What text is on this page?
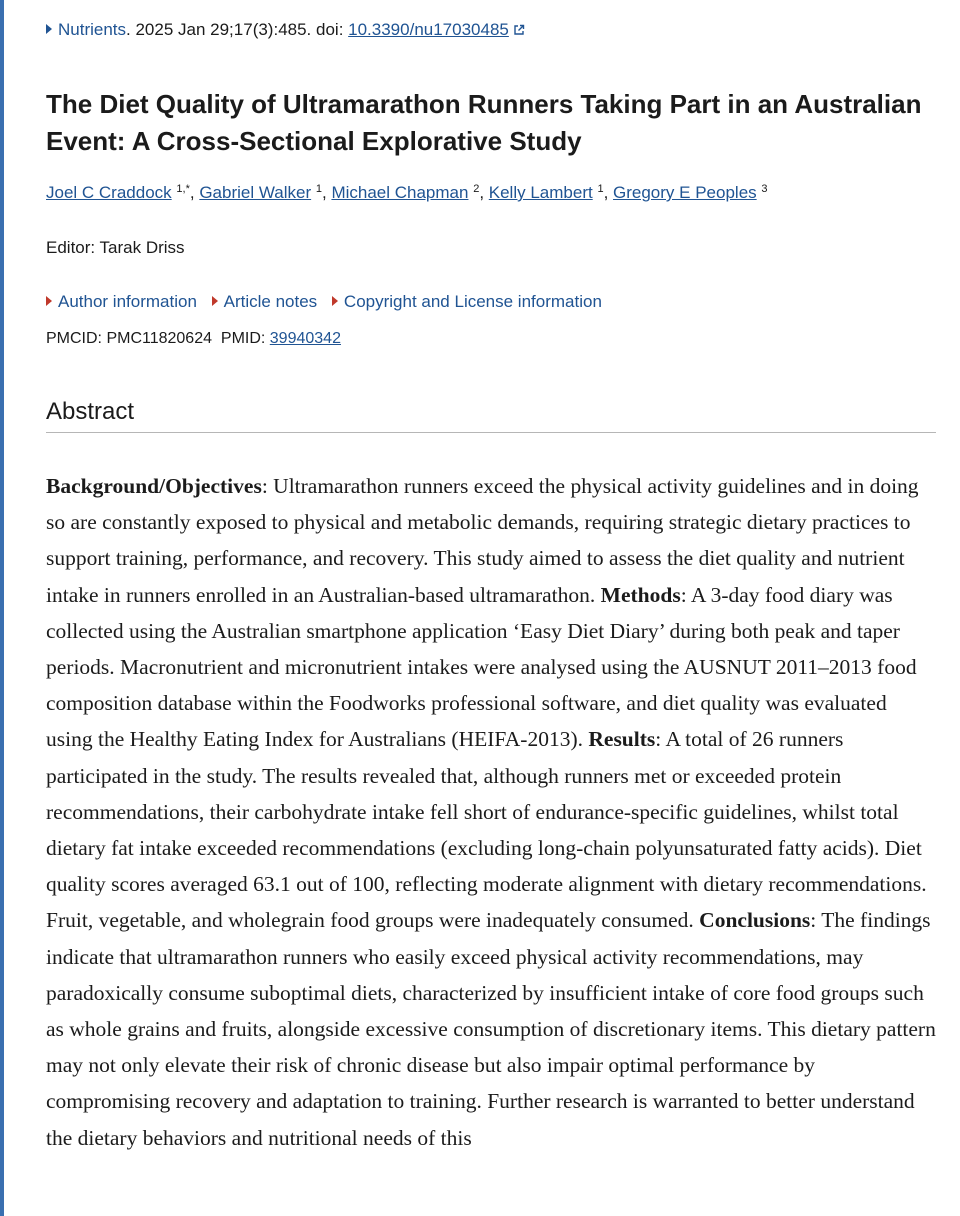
Nutrients. 2025 Jan 29;17(3):485. doi: 10.3390/nu17030485
The Diet Quality of Ultramarathon Runners Taking Part in an Australian Event: A Cross-Sectional Explorative Study
Joel C Craddock $^{1,*}$, Gabriel Walker $^1$, Michael Chapman $^2$, Kelly Lambert $^1$, Gregory E Peoples $^3$
Editor: Tarak Driss
Author information Article notes Copyright and License information
PMCID: PMC11820624 PMID: 39940342
Abstract

Background/Objectives: Ultramarathon runners exceed the physical activity guidelines and in doing so are constantly exposed to physical and metabolic demands, requiring strategic dietary practices to support training, performance, and recovery. This study aimed to assess the diet quality and nutrient intake in runners enrolled in an Australian-based ultramarathon. Methods: A 3-day food diary was collected using the Australian smartphone application ‘Easy Diet Diary’ during both peak and taper periods. Macronutrient and micronutrient intakes were analysed using the AUSNUT 2011–2013 food composition database within the Foodworks professional software, and diet quality was evaluated using the Healthy Eating Index for Australians (HEIFA-2013). Results: A total of 26 runners participated in the study. The results revealed that, although runners met or exceeded protein recommendations, their carbohydrate intake fell short of endurance-specific guidelines, whilst total dietary fat intake exceeded recommendations (excluding long-chain polyunsaturated fatty acids). Diet quality scores averaged 63.1 out of 100, reflecting moderate alignment with dietary recommendations. Fruit, vegetable, and wholegrain food groups were inadequately consumed. Conclusions: The findings indicate that ultramarathon runners who easily exceed physical activity recommendations, may paradoxically consume suboptimal diets, characterized by insufficient intake of core food groups such as whole grains and fruits, alongside excessive consumption of discretionary items. This dietary pattern may not only elevate their risk of chronic disease but also impair optimal performance by compromising recovery and adaptation to training. Further research is warranted to better understand the dietary behaviors and nutritional needs of this
